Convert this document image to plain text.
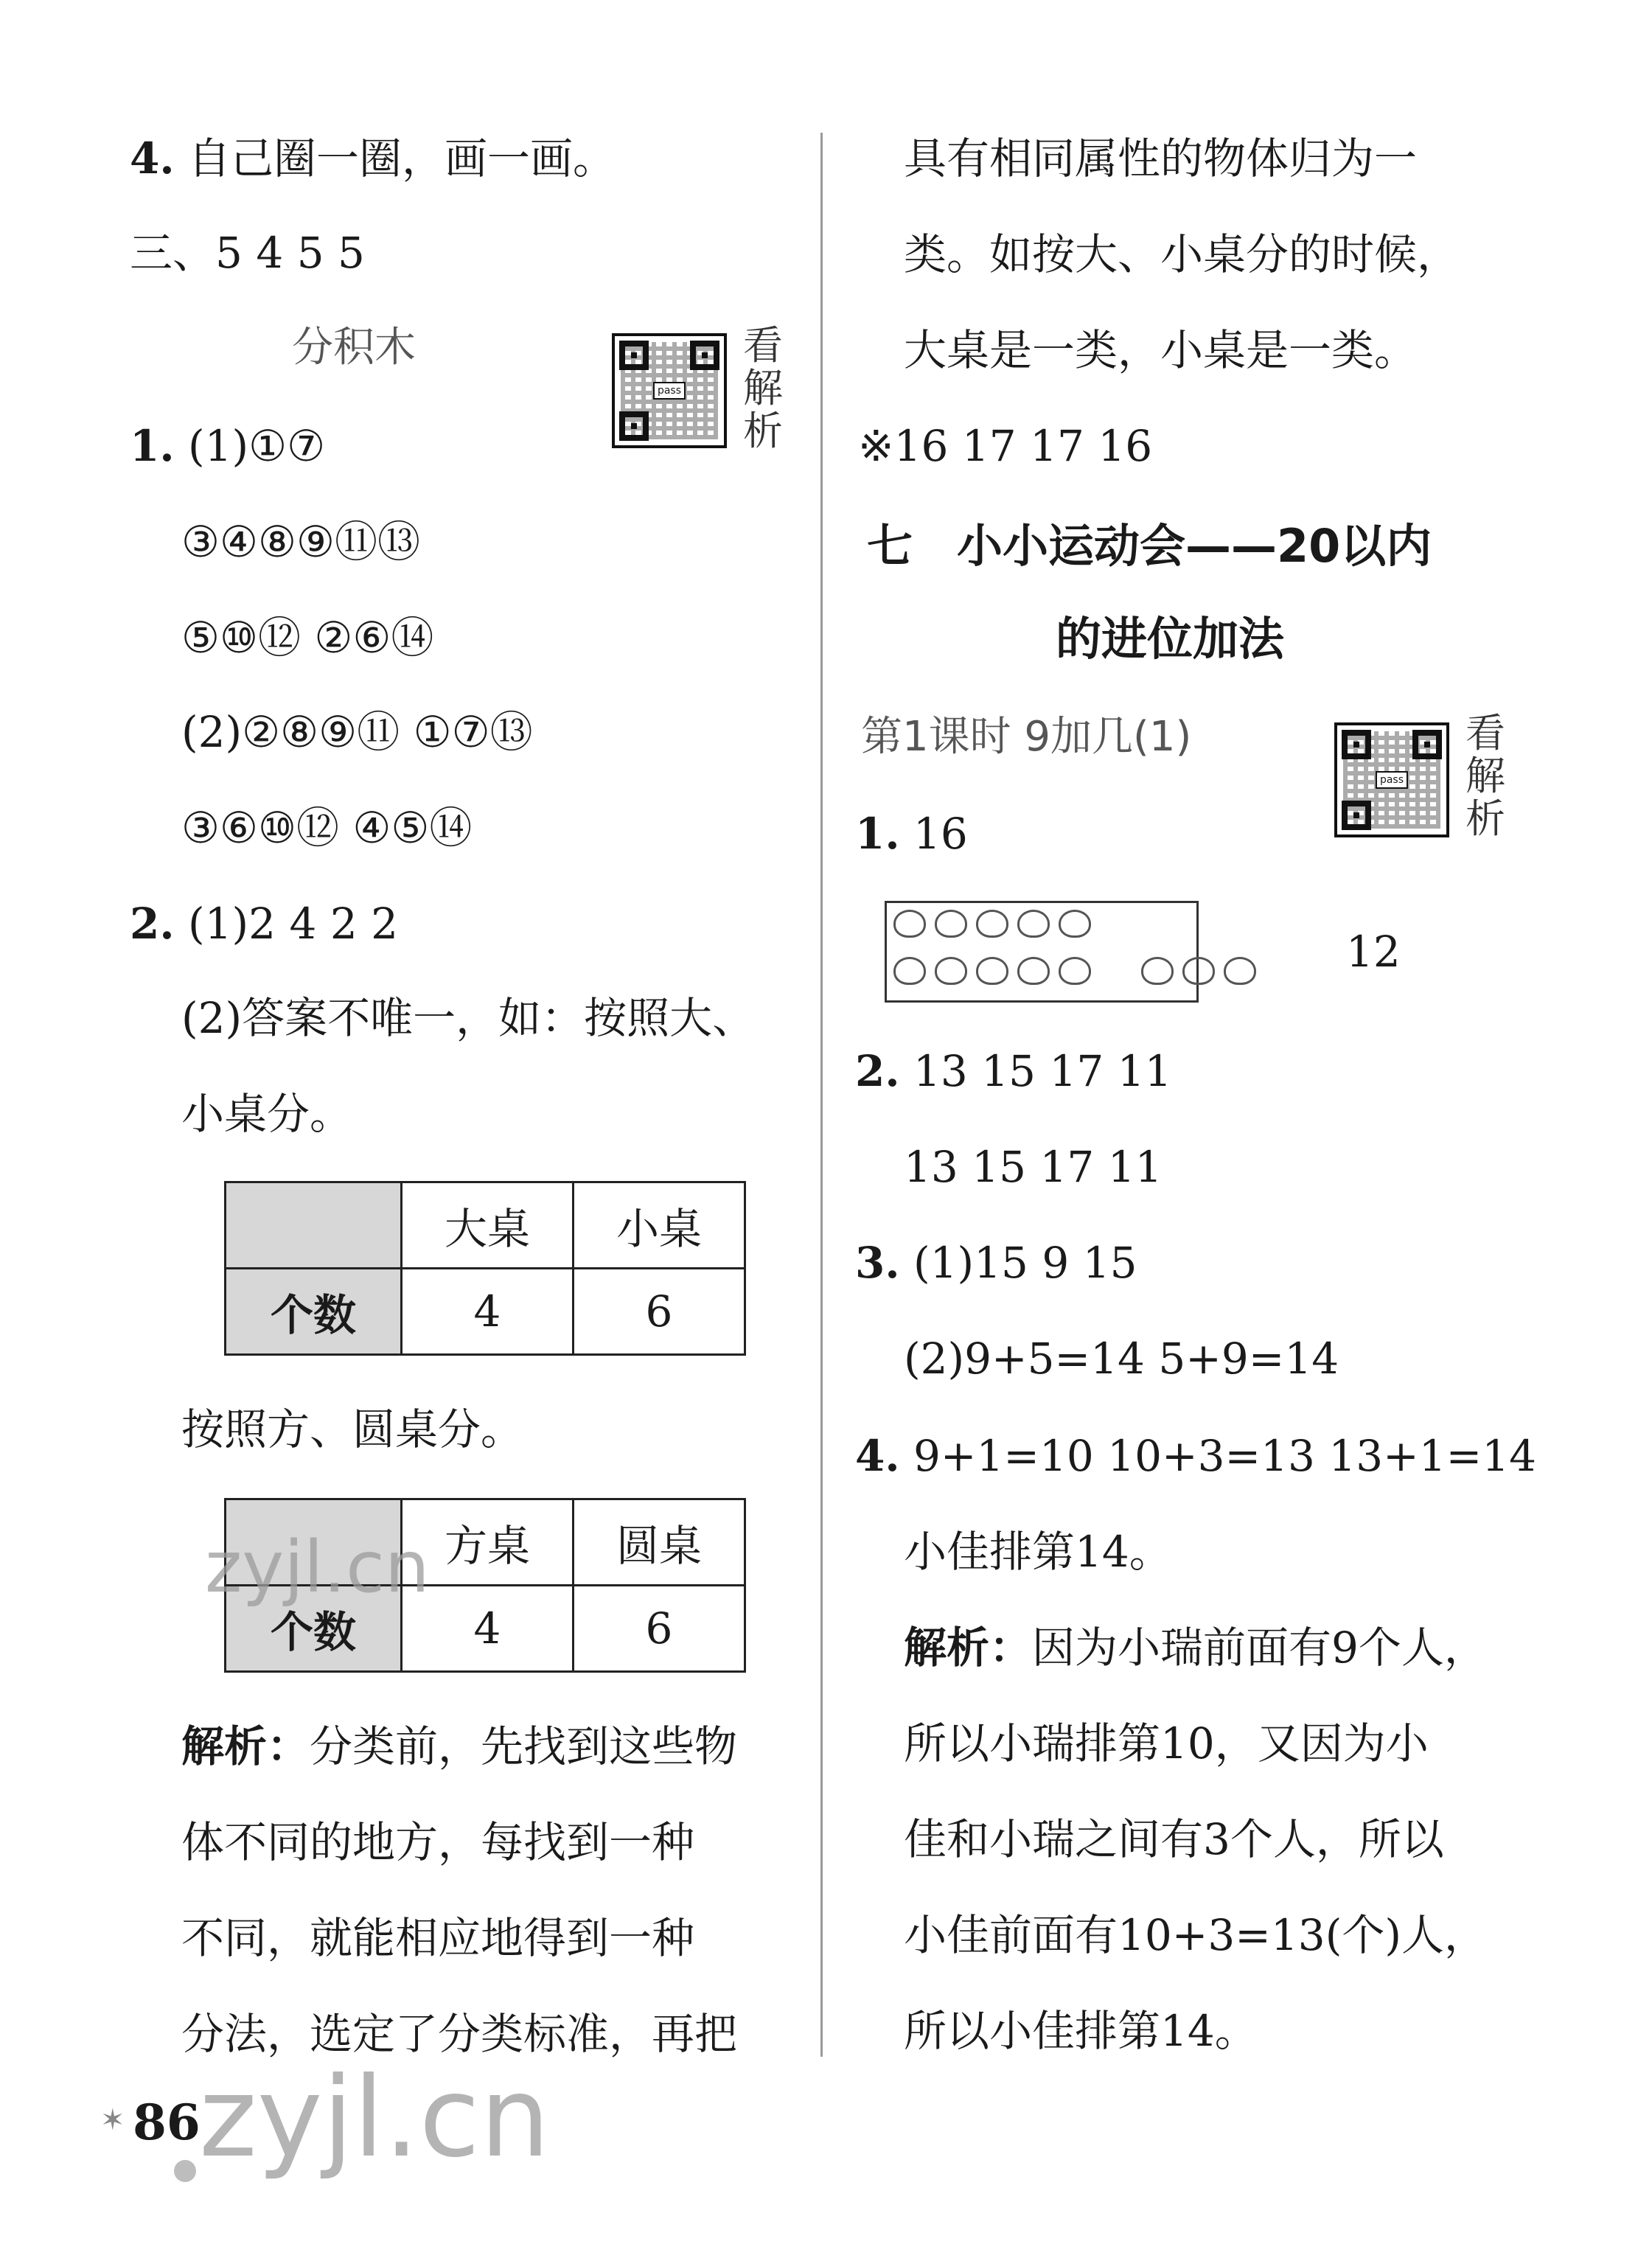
4. 自己圈一圈，画一画。
三、5 4 5 5
分积木
pass
看解析
1. (1)①⑦
③④⑧⑨⑪⑬
⑤⑩⑫ ②⑥⑭
(2)②⑧⑨⑪ ①⑦⑬
③⑥⑩⑫ ④⑤⑭
2. (1)2 4 2 2
(2)答案不唯一，如：按照大、
小桌分。
	大桌	小桌
个数	4	6
按照方、圆桌分。
	方桌	圆桌
个数	4	6
解析：分类前，先找到这些物
体不同的地方，每找到一种
不同，就能相应地得到一种
分法，选定了分类标准，再把
具有相同属性的物体归为一
类。如按大、小桌分的时候，
大桌是一类，小桌是一类。
※16 17 17 16
七 小小运动会——20以内
的进位加法
第1课时 9加几(1)
pass
看解析
1. 16
12
2. 13 15 17 11
13 15 17 11
3. (1)15 9 15
(2)9+5=14 5+9=14
4. 9+1=10 10+3=13 13+1=14
小佳排第14。
解析：因为小瑞前面有9个人，
所以小瑞排第10，又因为小
佳和小瑞之间有3个人，所以
小佳前面有10+3=13(个)人，
所以小佳排第14。
✶ 86
zyjl.cn
zyjl.cn
